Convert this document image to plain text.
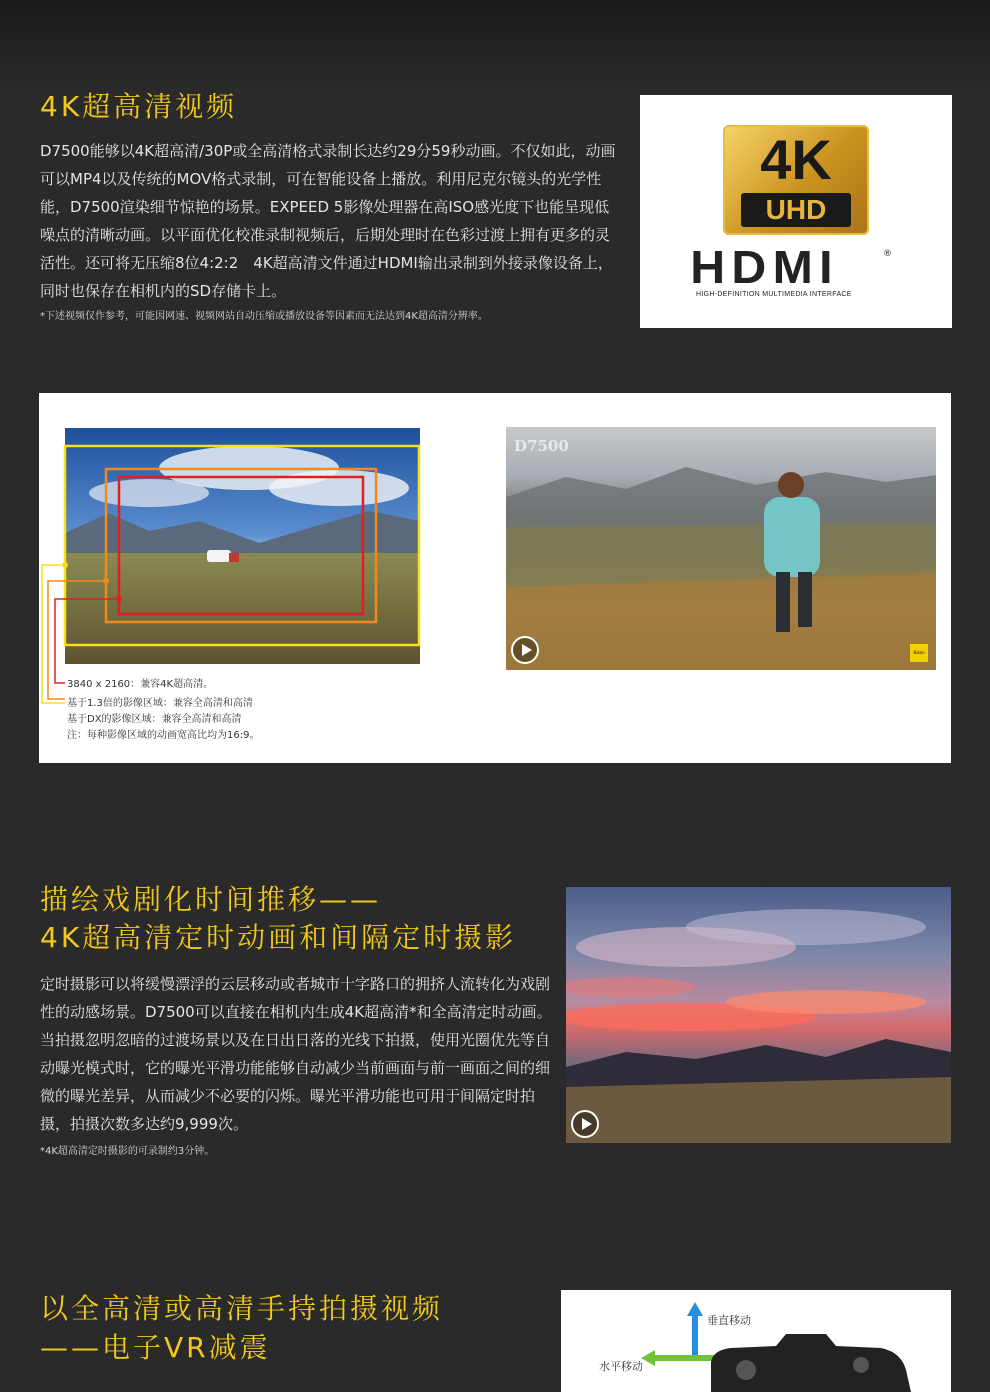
4K超高清视频
D7500能够以4K超高清/30P或全高清格式录制长达约29分59秒动画。不仅如此，动画可以MP4以及传统的MOV格式录制，可在智能设备上播放。利用尼克尔镜头的光学性能，D7500渲染细节惊艳的场景。EXPEED 5影像处理器在高ISO感光度下也能呈现低噪点的清晰动画。以平面优化校准录制视频后，后期处理时在色彩过渡上拥有更多的灵活性。还可将无压缩8位4:2:2　4K超高清文件通过HDMI输出录制到外接录像设备上，同时也保存在相机内的SD存储卡上。
*下述视频仅作参考，可能因网速、视频网站自动压缩或播放设备等因素而无法达到4K超高清分辨率。
4K
UHD
HDMI	®
HIGH-DEFINITION MULTIMEDIA INTERFACE
3840 x 2160：兼容4K超高清。
基于1.3倍的影像区域：兼容全高清和高清
基于DX的影像区域：兼容全高清和高清
注：每种影像区域的动画宽高比均为16:9。
D7500
Nikon
描绘戏剧化时间推移——
4K超高清定时动画和间隔定时摄影
定时摄影可以将缓慢漂浮的云层移动或者城市十字路口的拥挤人流转化为戏剧性的动感场景。D7500可以直接在相机内生成4K超高清*和全高清定时动画。当拍摄忽明忽暗的过渡场景以及在日出日落的光线下拍摄，使用光圈优先等自动曝光模式时，它的曝光平滑功能能够自动减少当前画面与前一画面之间的细微的曝光差异，从而减少不必要的闪烁。曝光平滑功能也可用于间隔定时拍摄，拍摄次数多达约9,999次。
*4K超高清定时摄影的可录制约3分钟。
以全高清或高清手持拍摄视频
——电子VR减震
垂直移动
水平移动
